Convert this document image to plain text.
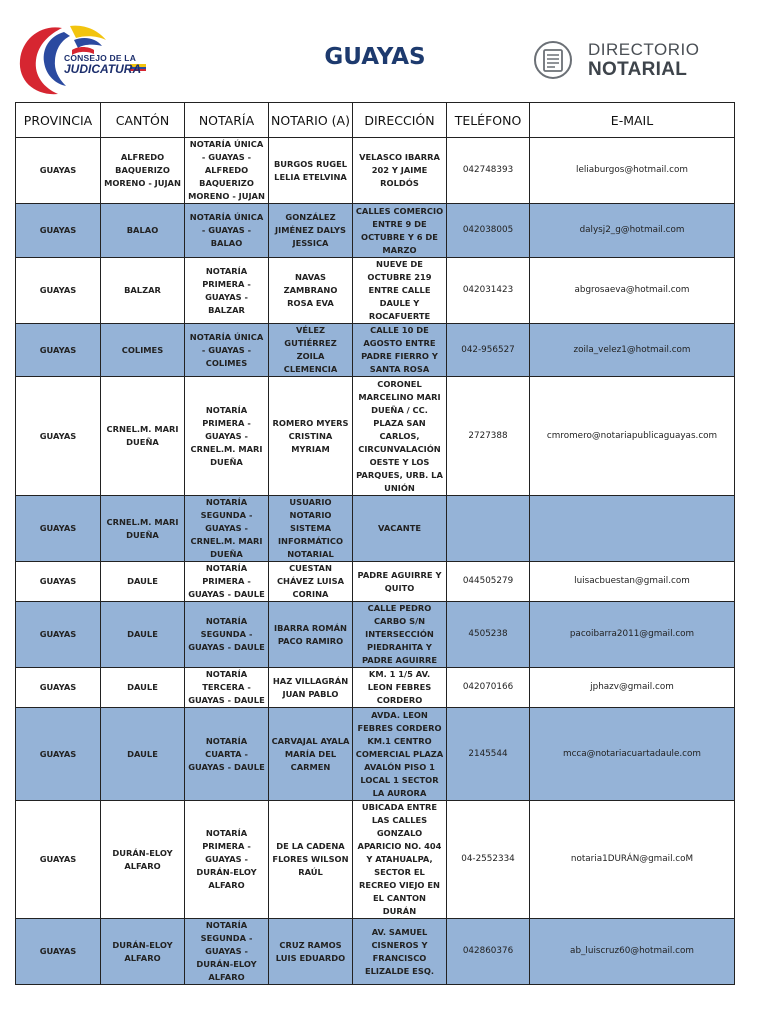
CONSEJO DE LA
JUDICATURA	GUAYAS	DIRECTORIO
NOTARIAL
PROVINCIA	CANTÓN	NOTARÍA	NOTARIO (A)	DIRECCIÓN	TELÉFONO	E-MAIL
GUAYAS	ALFREDO BAQUERIZO MORENO - JUJAN	NOTARÍA ÚNICA - GUAYAS - ALFREDO BAQUERIZO MORENO - JUJAN	BURGOS RUGEL LELIA ETELVINA	VELASCO IBARRA 202 Y JAIME ROLDÓS	042748393	leliaburgos@hotmail.com
GUAYAS	BALAO	NOTARÍA ÚNICA - GUAYAS - BALAO	GONZÁLEZ JIMÉNEZ DALYS JESSICA	CALLES COMERCIO ENTRE 9 DE OCTUBRE Y 6 DE MARZO	042038005	dalysj2_g@hotmail.com
GUAYAS	BALZAR	NOTARÍA PRIMERA - GUAYAS - BALZAR	NAVAS ZAMBRANO ROSA EVA	NUEVE DE OCTUBRE 219 ENTRE CALLE DAULE Y ROCAFUERTE	042031423	abgrosaeva@hotmail.com
GUAYAS	COLIMES	NOTARÍA ÚNICA - GUAYAS - COLIMES	VÉLEZ GUTIÉRREZ ZOILA CLEMENCIA	CALLE 10 DE AGOSTO ENTRE PADRE FIERRO Y SANTA ROSA	042-956527	zoila_velez1@hotmail.com
GUAYAS	CRNEL.M. MARI DUEÑA	NOTARÍA PRIMERA - GUAYAS - CRNEL.M. MARI DUEÑA	ROMERO MYERS CRISTINA MYRIAM	CORONEL MARCELINO MARI DUEÑA / CC. PLAZA SAN CARLOS, CIRCUNVALACIÓN OESTE Y LOS PARQUES, URB. LA UNIÓN	2727388	cmromero@notariapublicaguayas.com
GUAYAS	CRNEL.M. MARI DUEÑA	NOTARÍA SEGUNDA - GUAYAS - CRNEL.M. MARI DUEÑA	USUARIO NOTARIO SISTEMA INFORMÁTICO NOTARIAL	VACANTE		
GUAYAS	DAULE	NOTARÍA PRIMERA - GUAYAS - DAULE	CUESTAN CHÁVEZ LUISA CORINA	PADRE AGUIRRE Y QUITO	044505279	luisacbuestan@gmail.com
GUAYAS	DAULE	NOTARÍA SEGUNDA - GUAYAS - DAULE	IBARRA ROMÁN PACO RAMIRO	CALLE PEDRO CARBO S/N INTERSECCIÓN PIEDRAHITA Y PADRE AGUIRRE	4505238	pacoibarra2011@gmail.com
GUAYAS	DAULE	NOTARÍA TERCERA - GUAYAS - DAULE	HAZ VILLAGRÁN JUAN PABLO	KM. 1 1/5 AV. LEON FEBRES CORDERO	042070166	jphazv@gmail.com
GUAYAS	DAULE	NOTARÍA CUARTA - GUAYAS - DAULE	CARVAJAL AYALA MARÍA DEL CARMEN	AVDA. LEON FEBRES CORDERO KM.1 CENTRO COMERCIAL PLAZA AVALÓN PISO 1 LOCAL 1 SECTOR LA AURORA	2145544	mcca@notariacuartadaule.com
GUAYAS	DURÁN-ELOY ALFARO	NOTARÍA PRIMERA - GUAYAS - DURÁN-ELOY ALFARO	DE LA CADENA FLORES WILSON RAÚL	UBICADA ENTRE LAS CALLES GONZALO APARICIO NO. 404 Y ATAHUALPA, SECTOR EL RECREO VIEJO EN EL CANTON DURÁN	04-2552334	notaria1DURÁN@gmail.coM
GUAYAS	DURÁN-ELOY ALFARO	NOTARÍA SEGUNDA - GUAYAS - DURÁN-ELOY ALFARO	CRUZ RAMOS LUIS EDUARDO	AV. SAMUEL CISNEROS Y FRANCISCO ELIZALDE ESQ.	042860376	ab_luiscruz60@hotmail.com
